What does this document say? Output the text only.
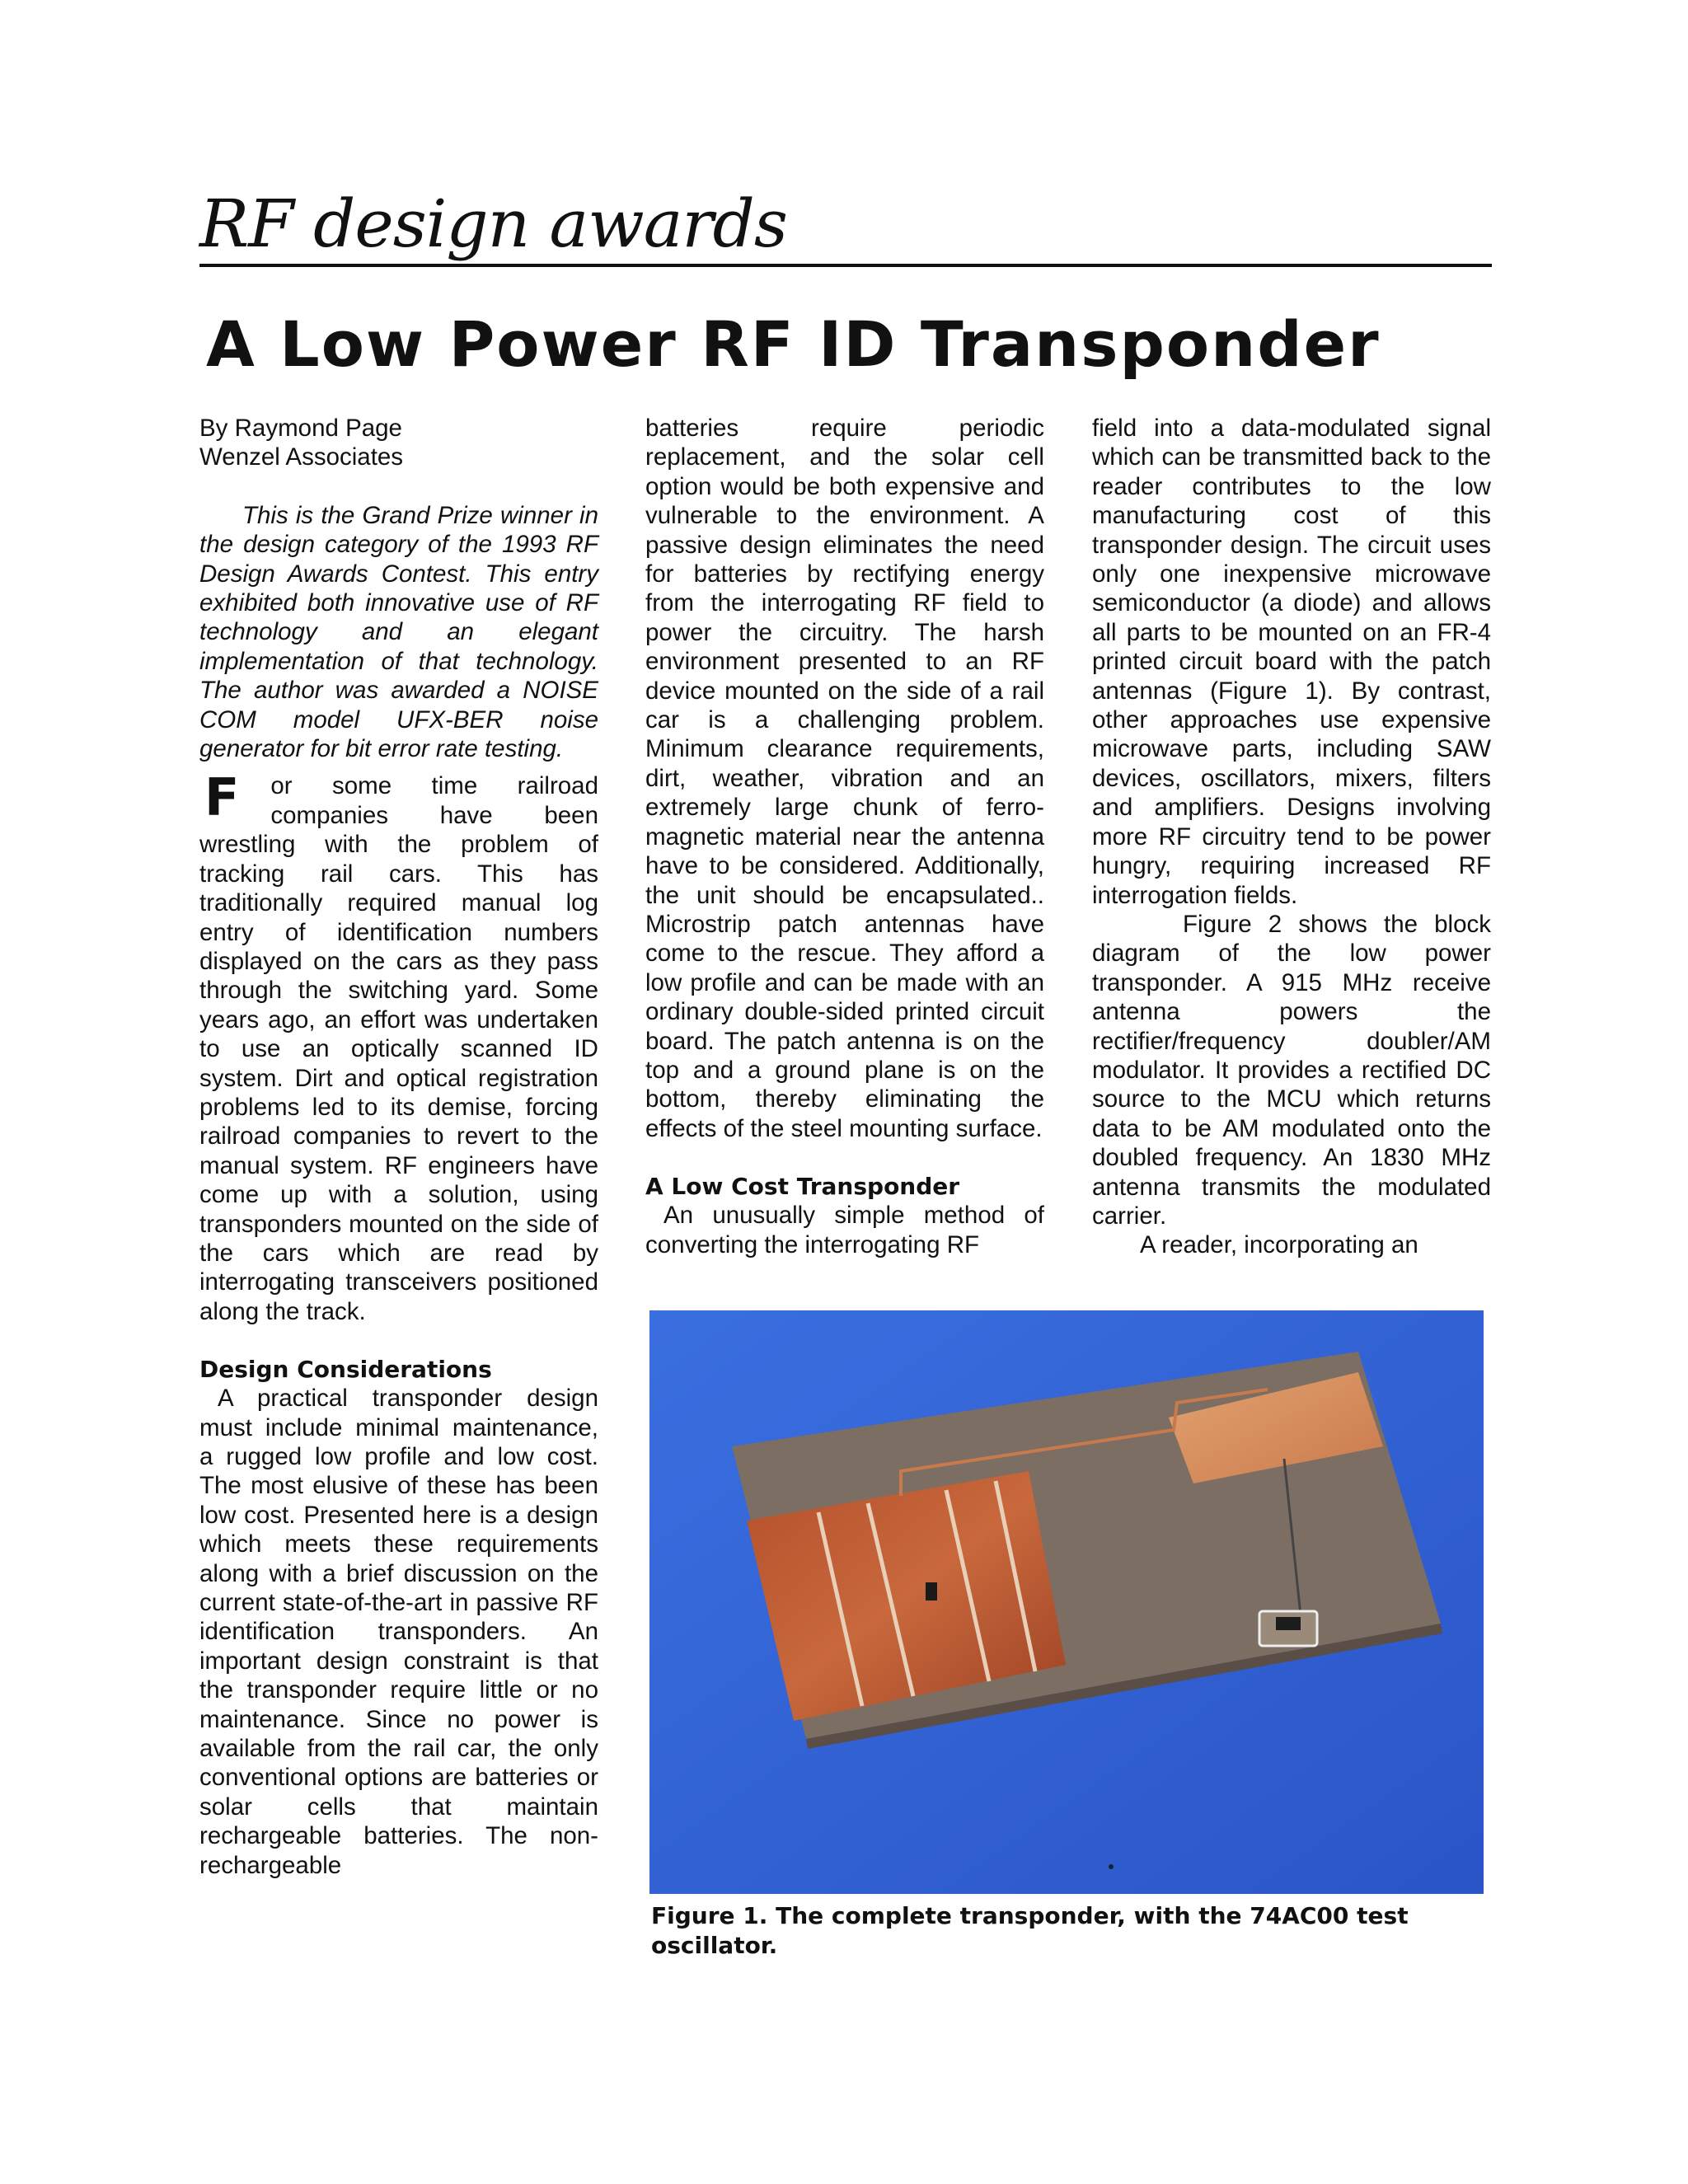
RF design awards
A Low Power RF ID Transponder

By Raymond Page

Wenzel Associates

This is the Grand Prize winner in the design category of the 1993 RF Design Awards Contest. This entry exhibited both innovative use of RF technology and an elegant implementation of that technology. The author was awarded a NOISE COM model UFX-BER noise generator for bit error rate testing.

F or some time railroad companies have been wrestling with the problem of tracking rail cars. This has traditionally required manual log entry of identification numbers displayed on the cars as they pass through the switching yard. Some years ago, an effort was undertaken to use an optically scanned ID system. Dirt and optical registration problems led to its demise, forcing railroad companies to revert to the manual system. RF engineers have come up with a solution, using transponders mounted on the side of the cars which are read by interrogating transceivers positioned along the track.

Design Considerations

A practical transponder design must include minimal maintenance, a rugged low profile and low cost. The most elusive of these has been low cost. Presented here is a design which meets these requirements along with a brief discussion on the current state-of-the-art in passive RF identification transponders. An important design constraint is that the transponder require little or no maintenance. Since no power is available from the rail car, the only conventional options are batteries or solar cells that maintain rechargeable batteries. The non-rechargeable

batteries require periodic replacement, and the solar cell option would be both expensive and vulnerable to the environment. A passive design eliminates the need for batteries by rectifying energy from the interrogating RF field to power the circuitry. The harsh environment presented to an RF device mounted on the side of a rail car is a challenging problem. Minimum clearance requirements, dirt, weather, vibration and an extremely large chunk of ferro-magnetic material near the antenna have to be considered. Additionally, the unit should be encapsulated.. Microstrip patch antennas have come to the rescue. They afford a low profile and can be made with an ordinary double-sided printed circuit board. The patch antenna is on the top and a ground plane is on the bottom, thereby eliminating the effects of the steel mounting surface.

A Low Cost Transponder

An unusually simple method of converting the interrogating RF

field into a data-modulated signal which can be transmitted back to the reader contributes to the low manufacturing cost of this transponder design. The circuit uses only one inexpensive microwave semiconductor (a diode) and allows all parts to be mounted on an FR-4 printed circuit board with the patch antennas (Figure 1). By contrast, other approaches use expensive microwave parts, including SAW devices, oscillators, mixers, filters and amplifiers. Designs involving more RF circuitry tend to be power hungry, requiring increased RF interrogation fields.

Figure 2 shows the block diagram of the low power transponder. A 915 MHz receive antenna powers the rectifier/frequency doubler/AM modulator. It provides a rectified DC source to the MCU which returns data to be AM modulated onto the doubled frequency. An 1830 MHz antenna transmits the modulated carrier.

A reader, incorporating an

Figure 1. The complete transponder, with the 74AC00 test oscillator.
